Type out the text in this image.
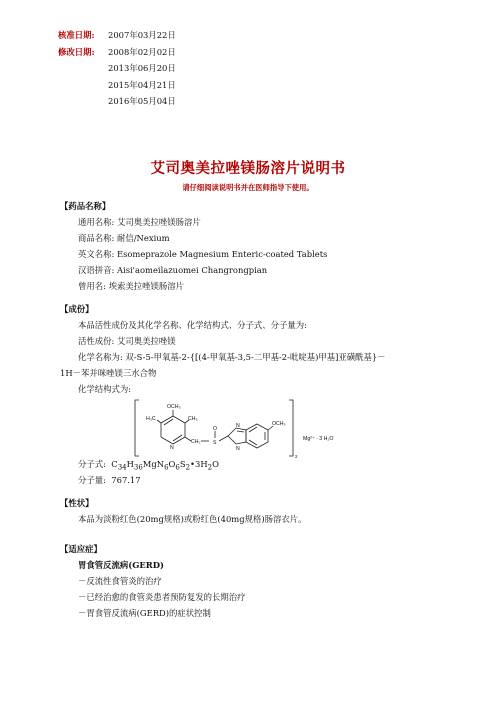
核准日期: 2007年03月22日
修改日期: 2008年02月02日
2013年06月20日
2015年04月21日
2016年05月04日
艾司奥美拉唑镁肠溶片说明书
请仔细阅读说明书并在医师指导下使用。
【药品名称】
通用名称: 艾司奥美拉唑镁肠溶片
商品名称: 耐信/Nexium
英文名称: Esomeprazole Magnesium Enteric-coated Tablets
汉语拼音: Aisi'aomeilazuomei Changrongpian
曾用名: 埃索美拉唑镁肠溶片
【成份】
本品活性成份及其化学名称、化学结构式、分子式、分子量为:
活性成份: 艾司奥美拉唑镁
化学名称为: 双-S-5-甲氧基-2-{[(4-甲氧基-3,5-二甲基-2-吡啶基)甲基]亚磺酰基}－
1H－苯并咪唑镁三水合物
化学结构式为:
OCH₃
H₃C	CH₃
N
CH₂ S
O	N
N
OCH₃
2
Mg²⁺ · 3 H₂O
分子式: $C_{34}H_{36}MgN_6O_6S_2•3H_2O$
分子量: 767.17
【性状】
本品为淡粉红色(20mg规格)或粉红色(40mg规格)肠溶衣片。
【适应症】
胃食管反流病(GERD)
－反流性食管炎的治疗
－已经治愈的食管炎患者预防复发的长期治疗
－胃食管反流病(GERD)的症状控制
